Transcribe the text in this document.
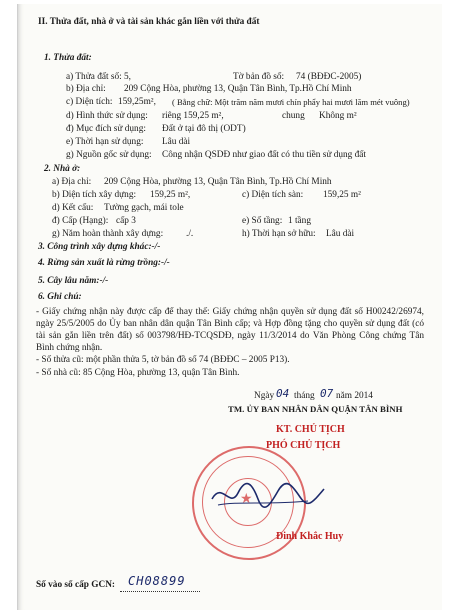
II. Thửa đất, nhà ở và tài sản khác gắn liền với thửa đất
1. Thửa đất:
a) Thửa đất số: 5,	Tờ bản đồ số: 74 (BĐĐC-2005)
b) Địa chỉ: 209 Cộng Hòa, phường 13, Quận Tân Bình, Tp.Hồ Chí Minh
c) Diện tích: 159,25m², ( Bằng chữ: Một trăm năm mươi chín phẩy hai mươi lăm mét vuông)
d) Hình thức sử dụng: riêng 159,25 m²,	chung Không m²
đ) Mục đích sử dụng: Đất ở tại đô thị (ODT)
e) Thời hạn sử dụng: Lâu dài
g) Nguồn gốc sử dụng: Công nhận QSDĐ như giao đất có thu tiền sử dụng đất
2. Nhà ở:
a) Địa chỉ: 209 Cộng Hòa, phường 13, Quận Tân Bình, Tp.Hồ Chí Minh
b) Diện tích xây dựng: 159,25 m²,	c) Diện tích sàn: 159,25 m²
d) Kết cấu: Tường gạch, mái tole
đ) Cấp (Hạng): cấp 3	e) Số tầng: 1 tầng
g) Năm hoàn thành xây dựng: ./.	h) Thời hạn sở hữu: Lâu dài
3. Công trình xây dựng khác:-/-
4. Rừng sản xuất là rừng trồng:-/-
5. Cây lâu năm:-/-
6. Ghi chú:
- Giấy chứng nhận này được cấp để thay thế: Giấy chứng nhận quyền sử dụng đất số H00242/26974, ngày 25/5/2005 do Ủy ban nhân dân quận Tân Bình cấp; và Hợp đồng tặng cho quyền sử dụng đất (có tài sản gắn liền trên đất) số 003798/HĐ-TCQSDĐ, ngày 11/3/2014 do Văn Phòng Công chứng Tân Bình chứng nhận.
- Số thửa cũ: một phần thửa 5, tờ bản đồ số 74 (BĐĐC – 2005 P13).
- Số nhà cũ: 85 Cộng Hòa, phường 13, quận Tân Bình.
Ngày 04 tháng 07 năm 2014
TM. ỦY BAN NHÂN DÂN QUẬN TÂN BÌNH
KT. CHỦ TỊCH
PHÓ CHỦ TỊCH
★
Đinh Khắc Huy
Số vào sổ cấp GCN: CH08899
